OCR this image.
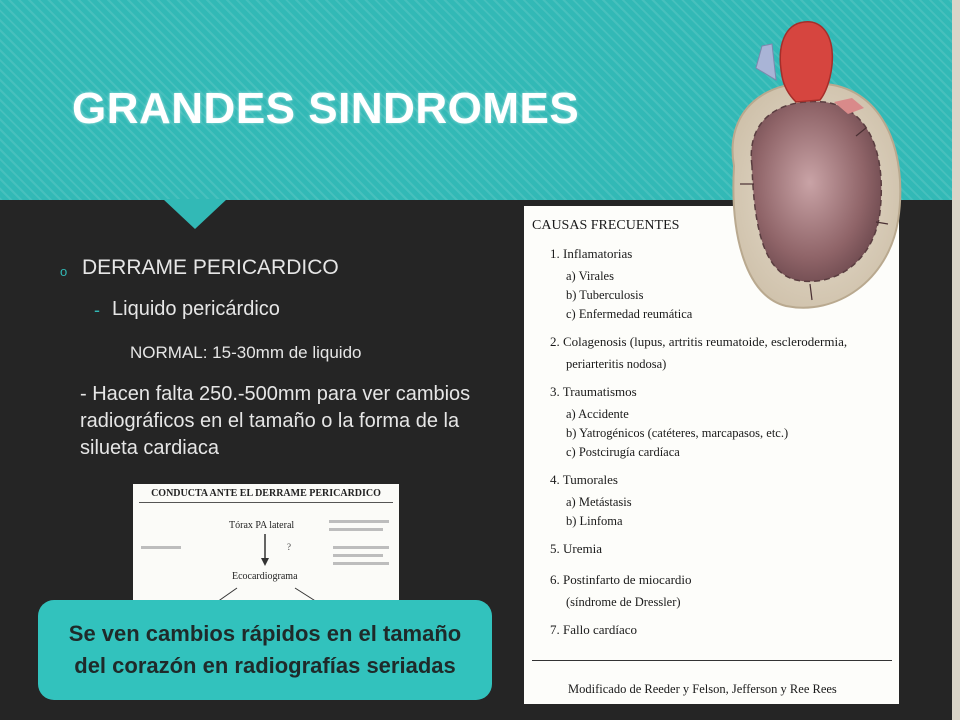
GRANDES SINDROMES
o DERRAME PERICARDICO

- Liquido pericárdico

NORMAL: 15-30mm de liquido

- Hacen falta 250.-500mm para ver cambios radiográficos en el tamaño o la forma de la silueta cardiaca

CONDUCTA ANTE EL DERRAME PERICARDICO
Tórax PA lateral
?
Ecocardiograma

Se ven cambios rápidos en el tamaño del corazón en radiografías seriadas

CAUSAS FRECUENTES

1. Inflamatorias

a) Virales

b) Tuberculosis

c) Enfermedad reumática

2. Colagenosis (lupus, artritis reumatoide, esclerodermia,

periarteritis nodosa)

3. Traumatismos

a) Accidente

b) Yatrogénicos (catéteres, marcapasos, etc.)

c) Postcirugía cardíaca

4. Tumorales

a) Metástasis

b) Linfoma

5. Uremia

6. Postinfarto de miocardio

(síndrome de Dressler)

7. Fallo cardíaco

Modificado de Reeder y Felson, Jefferson y Ree Rees
